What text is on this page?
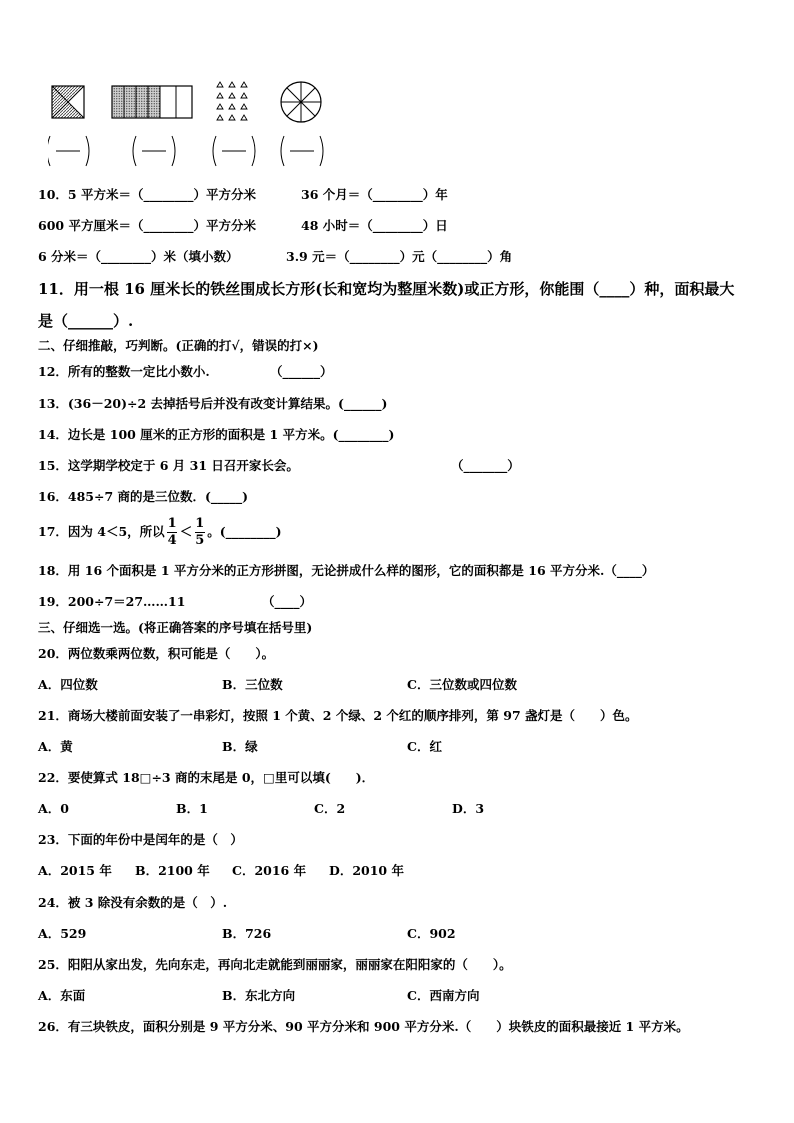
10．5 平方米＝（________）平方分米	36 个月＝（________）年
600 平方厘米＝（________）平方分米	48 小时＝（________）日
6 分米＝（________）米（填小数）	3.9 元＝（________）元（________）角
11．用一根 16 厘米长的铁丝围成长方形(长和宽均为整厘米数)或正方形，你能围（____）种，面积最大
是（______）.
二、仔细推敲，巧判断。(正确的打√，错误的打×)
12．所有的整数一定比小数小.	（______）
13．(36－20)÷2 去掉括号后并没有改变计算结果。(______)
14．边长是 100 厘米的正方形的面积是 1 平方米。(________)
15．这学期学校定于 6 月 31 日召开家长会。	（_______）
16．485÷7 商的是三位数．(_____)
17．因为 4＜5，所以 $\frac{1}{4} < \frac{1}{5}$ 。(________)
18．用 16 个面积是 1 平方分米的正方形拼图，无论拼成什么样的图形，它的面积都是 16 平方分米.（____）
19．200÷7＝27……11	（____）
三、仔细选一选。(将正确答案的序号填在括号里)
20．两位数乘两位数，积可能是（　　）。
A．四位数	B．三位数	C．三位数或四位数
21．商场大楼前面安装了一串彩灯，按照 1 个黄、2 个绿、2 个红的顺序排列，第 97 盏灯是（　　）色。
A．黄	B．绿	C．红
22．要使算式 18□÷3 商的末尾是 0，□里可以填(　　)．
A．0	B．1	C．2	D．3
23．下面的年份中是闰年的是（　）
A．2015 年 B．2100 年 C．2016 年 D．2010 年
24．被 3 除没有余数的是（　）.
A．529	B．726	C．902
25．阳阳从家出发，先向东走，再向北走就能到丽丽家，丽丽家在阳阳家的（　　）。
A．东面	B．东北方向	C．西南方向
26．有三块铁皮，面积分别是 9 平方分米、90 平方分米和 900 平方分米.（　　）块铁皮的面积最接近 1 平方米。
